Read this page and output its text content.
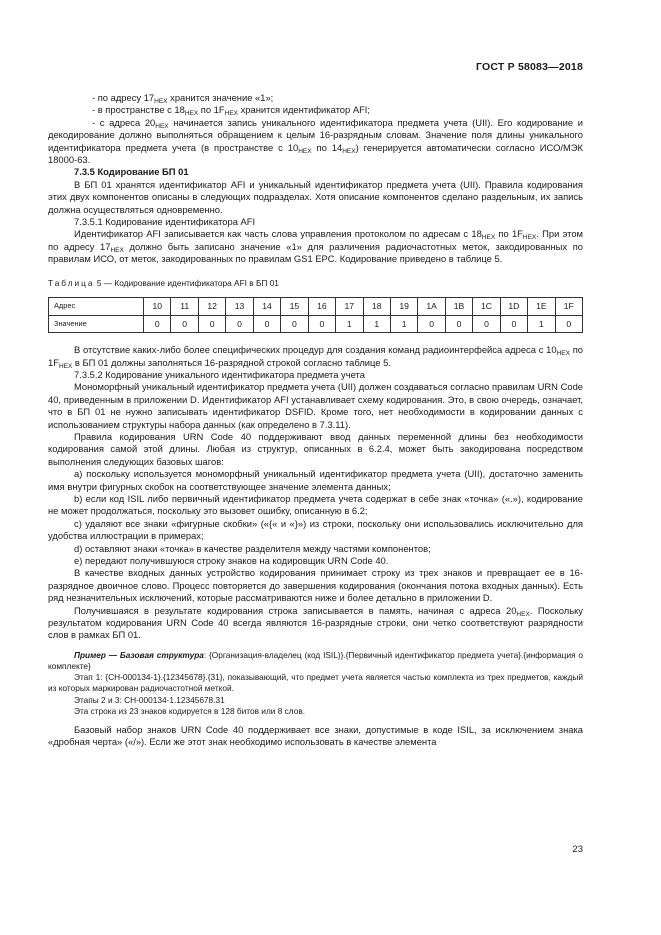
ГОСТ Р 58083—2018

- по адресу $17_{HEX}$ хранится значение «1»;

- в пространстве с $18_{HEX}$ по $1F_{HEX}$ хранится идентификатор AFI;

- с адреса $20_{HEX}$ начинается запись уникального идентификатора предмета учета (UII). Его кодирование и декодирование должно выполняться обращением к целым 16-разрядным словам. Значение поля длины уникального идентификатора предмета учета (в пространстве с $10_{HEX}$ по $14_{HEX}$) генерируется автоматически согласно ИСО/МЭК 18000-63.

7.3.5 Кодирование БП 01

В БП 01 хранятся идентификатор AFI и уникальный идентификатор предмета учета (UII). Правила кодирования этих двух компонентов описаны в следующих подразделах. Хотя описание компонентов сделано раздельным, их запись должна осуществляться одновременно.

7.3.5.1 Кодирование идентификатора AFI

Идентификатор AFI записывается как часть слова управления протоколом по адресам с $18_{HEX}$ по $1F_{HEX}$. При этом по адресу $17_{HEX}$ должно быть записано значение «1» для различения радиочастотных меток, закодированных по правилам ИСО, от меток, закодированных по правилам GS1 EPC. Кодирование приведено в таблице 5.

Таблица 5 — Кодирование идентификатора AFI в БП 01

Адрес	10	11	12	13	14	15	16	17	18	19	1A	1B	1C	1D	1E	1F
Значение	0	0	0	0	0	0	0	1	1	1	0	0	0	0	1	0

В отсутствие каких-либо более специфических процедур для создания команд радиоинтерфейса адреса с $10_{HEX}$ по $1F_{HEX}$ в БП 01 должны заполняться 16-разрядной строкой согласно таблице 5.

7.3.5.2 Кодирование уникального идентификатора предмета учета

Мономорфный уникальный идентификатор предмета учета (UII) должен создаваться согласно правилам URN Code 40, приведенным в приложении D. Идентификатор AFI устанавливает схему кодирования. Это, в свою очередь, означает, что в БП 01 не нужно записывать идентификатор DSFID. Кроме того, нет необходимости в кодировании данных с использованием структуры набора данных (как определено в 7.3.11).

Правила кодирования URN Code 40 поддерживают ввод данных переменной длины без необходимости кодирования самой этой длины. Любая из структур, описанных в 6.2.4, может быть закодирована посредством выполнения следующих базовых шагов:

a) поскольку используется мономорфный уникальный идентификатор предмета учета (UII), достаточно заменить имя внутри фигурных скобок на соответствующее значение элемента данных;

b) если код ISIL либо первичный идентификатор предмета учета содержат в себе знак «точка» («.»), кодирование не может продолжаться, поскольку это вызовет ошибку, описанную в 6.2;

c) удаляют все знаки «фигурные скобки» («{« и «}») из строки, поскольку они использовались исключительно для удобства иллюстрации в примерах;

d) оставляют знаки «точка» в качестве разделителя между частями компонентов;

e) передают получившуюся строку знаков на кодировщик URN Code 40.

В качестве входных данных устройство кодирования принимает строку из трех знаков и превращает ее в 16-разрядное двоичное слово. Процесс повторяется до завершения кодирования (окончания потока входных данных). Есть ряд незначительных исключений, которые рассматриваются ниже и более детально в приложении D.

Получившаяся в результате кодирования строка записывается в память, начиная с адреса $20_{HEX}$. Поскольку результатом кодирования URN Code 40 всегда являются 16-разрядные строки, они четко соответствуют разрядности слов в рамках БП 01.

Пример — Базовая структура: {Организация-владелец (код ISIL)}.{Первичный идентификатор предмета учета}.{информация о комплекте}

Этап 1: {CH-000134-1}.{12345678}.{31}, показывающий, что предмет учета является частью комплекта из трех предметов, каждый из которых маркирован радиочастотной меткой.

Этапы 2 и 3: CH-000134-1.12345678.31

Эта строка из 23 знаков кодируется в 128 битов или 8 слов.

Базовый набор знаков URN Code 40 поддерживает все знаки, допустимые в коде ISIL, за исключением знака «дробная черта» («/»). Если же этот знак необходимо использовать в качестве элемента

23
